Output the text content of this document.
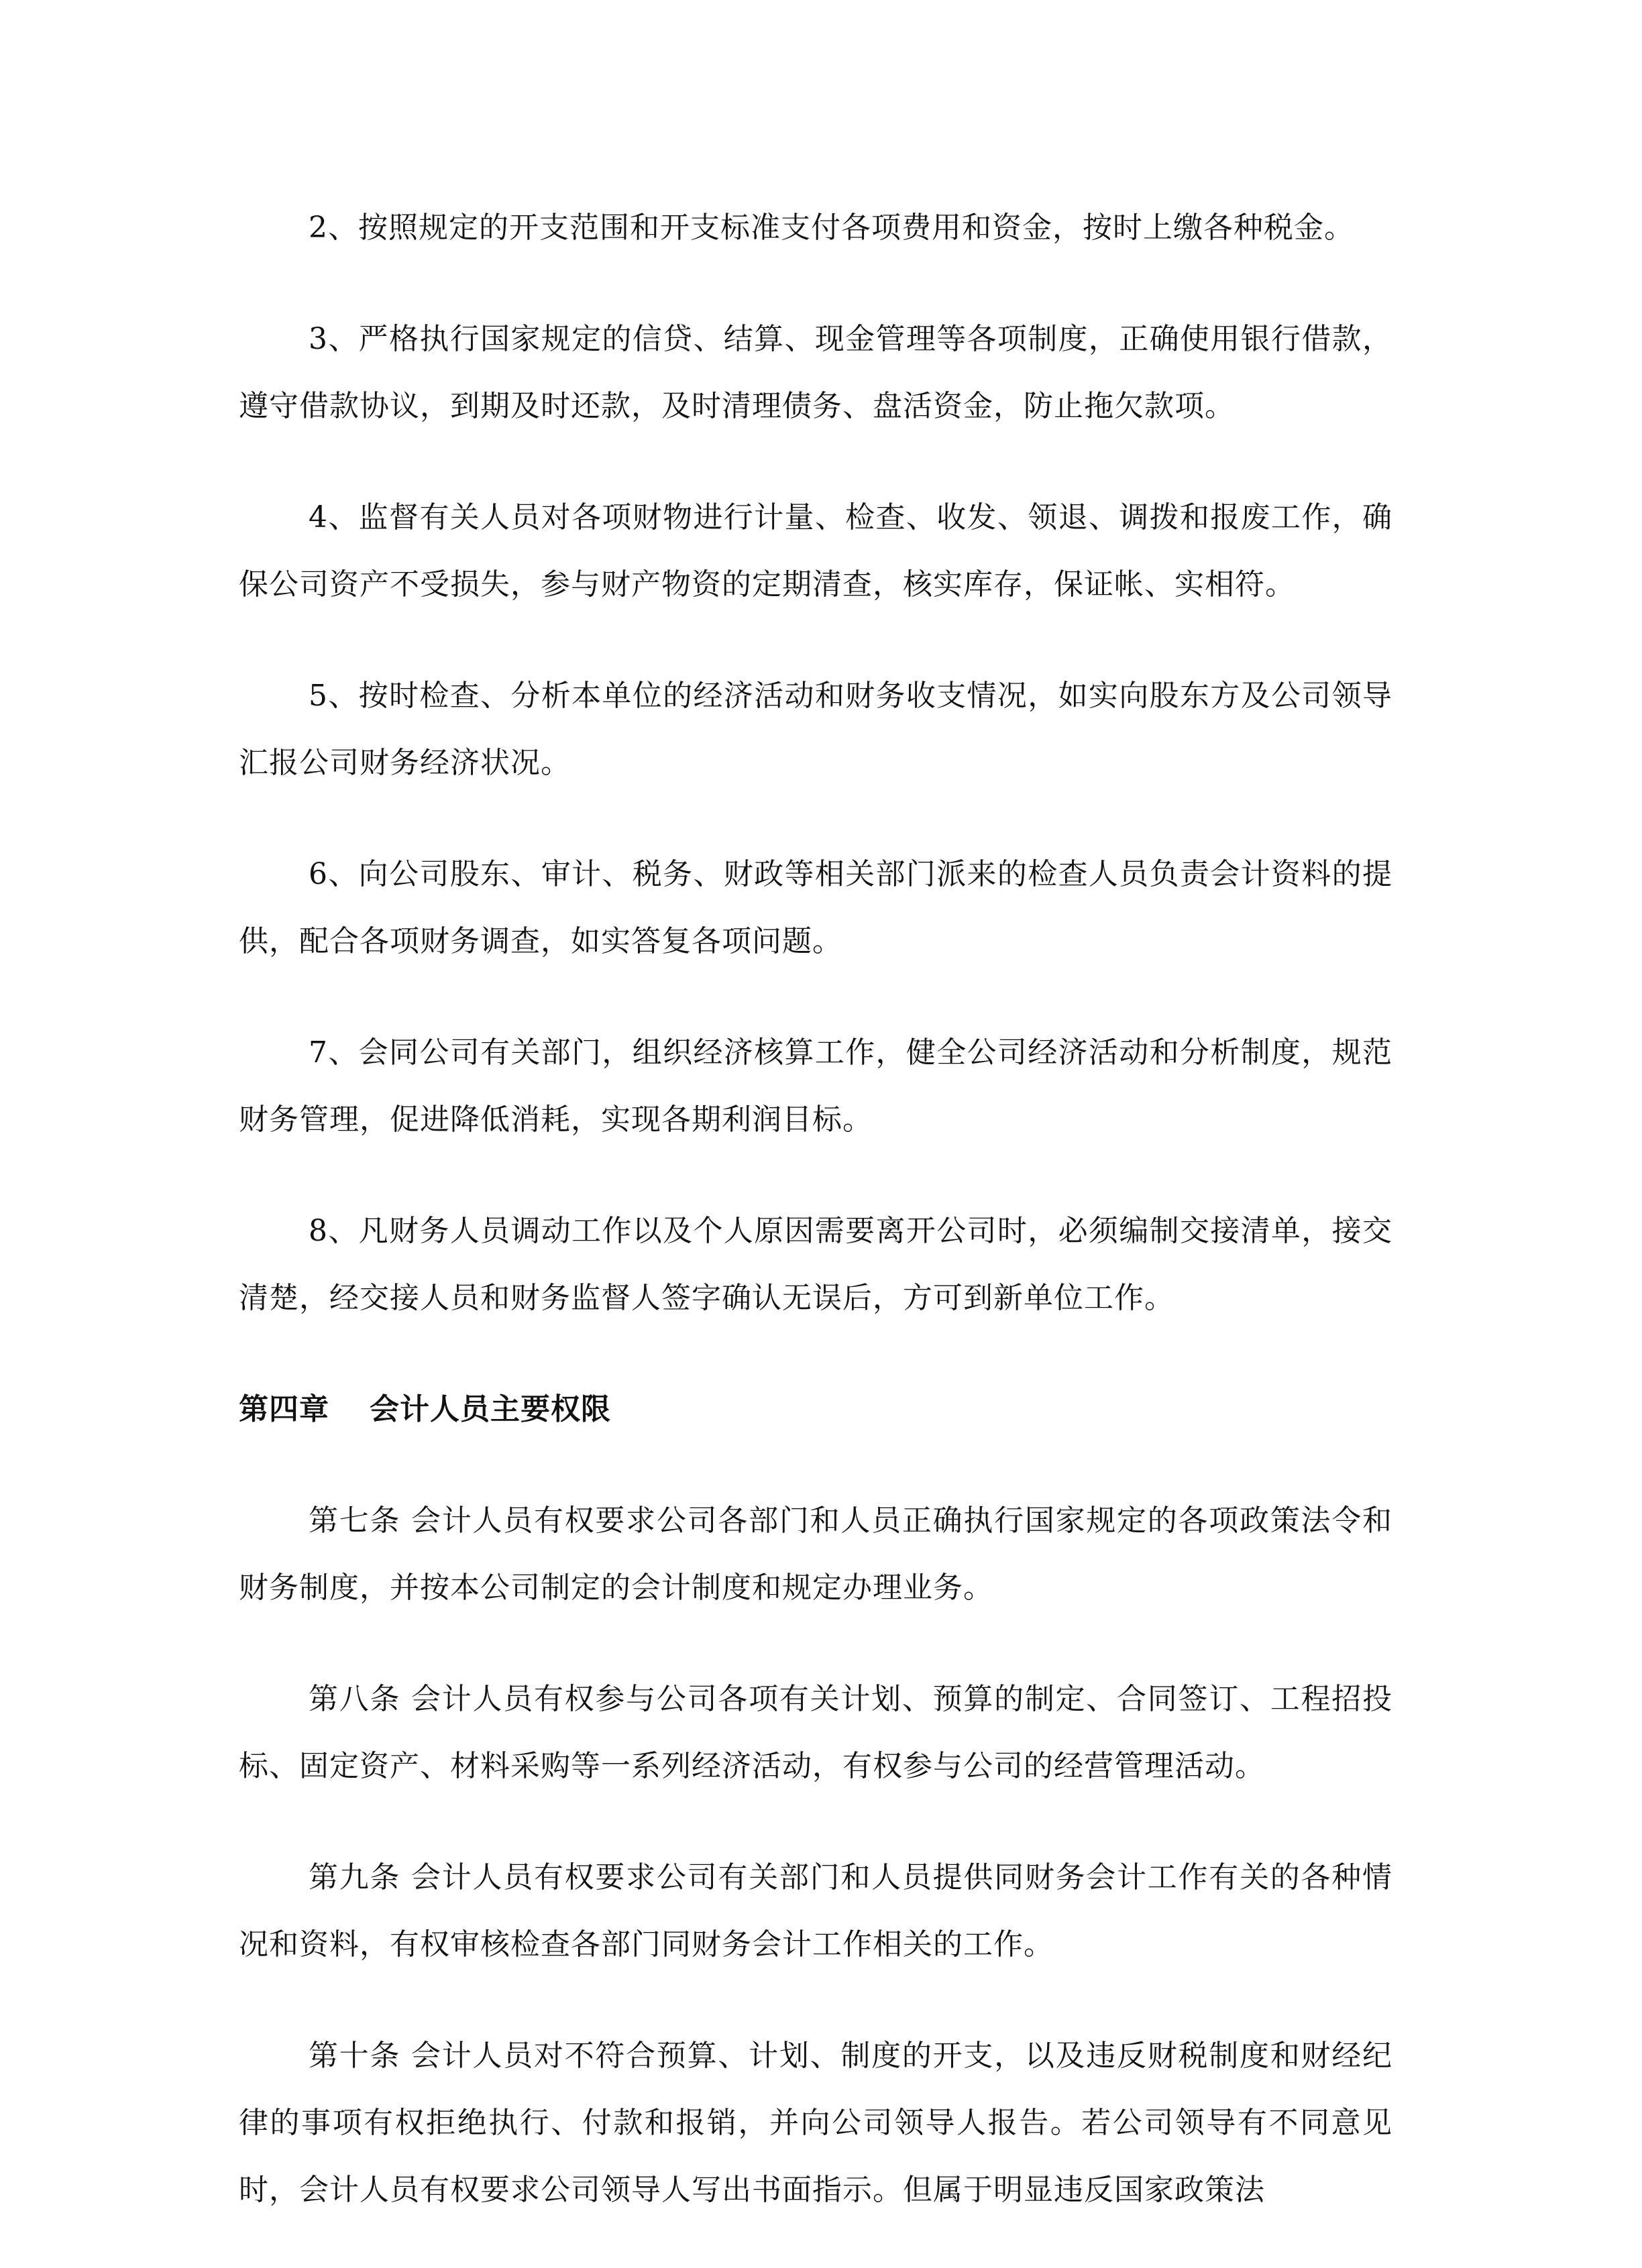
2、按照规定的开支范围和开支标准支付各项费用和资金，按时上缴各种税金。

3、严格执行国家规定的信贷、结算、现金管理等各项制度，正确使用银行借款，遵守借款协议，到期及时还款，及时清理债务、盘活资金，防止拖欠款项。

4、监督有关人员对各项财物进行计量、检查、收发、领退、调拨和报废工作，确保公司资产不受损失，参与财产物资的定期清查，核实库存，保证帐、实相符。

5、按时检查、分析本单位的经济活动和财务收支情况，如实向股东方及公司领导汇报公司财务经济状况。

6、向公司股东、审计、税务、财政等相关部门派来的检查人员负责会计资料的提供，配合各项财务调查，如实答复各项问题。

7、会同公司有关部门，组织经济核算工作，健全公司经济活动和分析制度，规范财务管理，促进降低消耗，实现各期利润目标。

8、凡财务人员调动工作以及个人原因需要离开公司时，必须编制交接清单，接交清楚，经交接人员和财务监督人签字确认无误后，方可到新单位工作。

第四章 会计人员主要权限

第七条 会计人员有权要求公司各部门和人员正确执行国家规定的各项政策法令和财务制度，并按本公司制定的会计制度和规定办理业务。

第八条 会计人员有权参与公司各项有关计划、预算的制定、合同签订、工程招投标、固定资产、材料采购等一系列经济活动，有权参与公司的经营管理活动。

第九条 会计人员有权要求公司有关部门和人员提供同财务会计工作有关的各种情况和资料，有权审核检查各部门同财务会计工作相关的工作。

第十条 会计人员对不符合预算、计划、制度的开支，以及违反财税制度和财经纪律的事项有权拒绝执行、付款和报销，并向公司领导人报告。若公司领导有不同意见时，会计人员有权要求公司领导人写出书面指示。但属于明显违反国家政策法
